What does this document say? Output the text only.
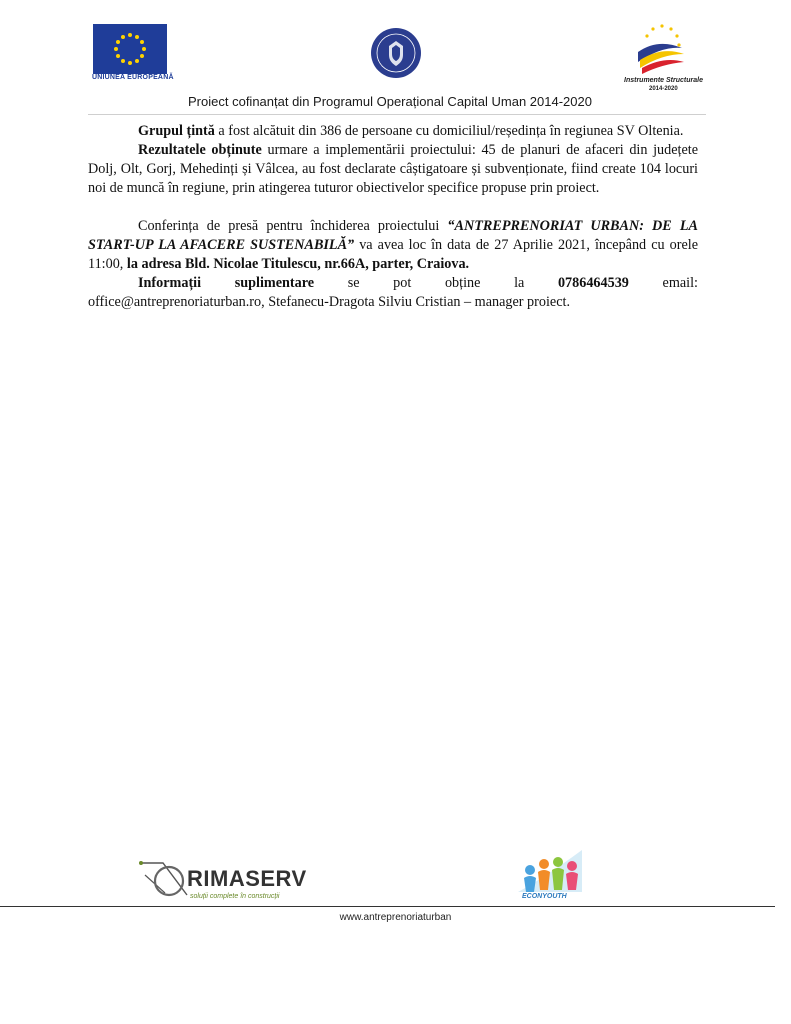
UNIUNEA EUROPEANĂ	Instrumente Structurale
2014-2020
Proiect cofinanțat din Programul Operațional Capital Uman 2014-2020

Grupul țintă a fost alcătuit din 386 de persoane cu domiciliul/reședința în regiunea SV Oltenia.

Rezultatele obținute urmare a implementării proiectului: 45 de planuri de afaceri din județete Dolj, Olt, Gorj, Mehedinți și Vâlcea, au fost declarate câștigatoare și subvenționate, fiind create 104 locuri noi de muncă în regiune, prin atingerea tuturor obiectivelor specifice propuse prin proiect.

Conferința de presă pentru închiderea proiectului “ANTREPRENORIAT URBAN: DE LA START-UP LA AFACERE SUSTENABILĂ” va avea loc în data de 27 Aprilie 2021, începând cu orele 11:00, la adresa Bld. Nicolae Titulescu, nr.66A, parter, Craiova.

Informații suplimentare se pot obține la 0786464539 email:

office@antreprenoriaturban.ro, Stefanecu-Dragota Silviu Cristian – manager proiect.

RIMASERV
soluții complete în construcții	ECONYOUTH
www.antreprenoriaturban
